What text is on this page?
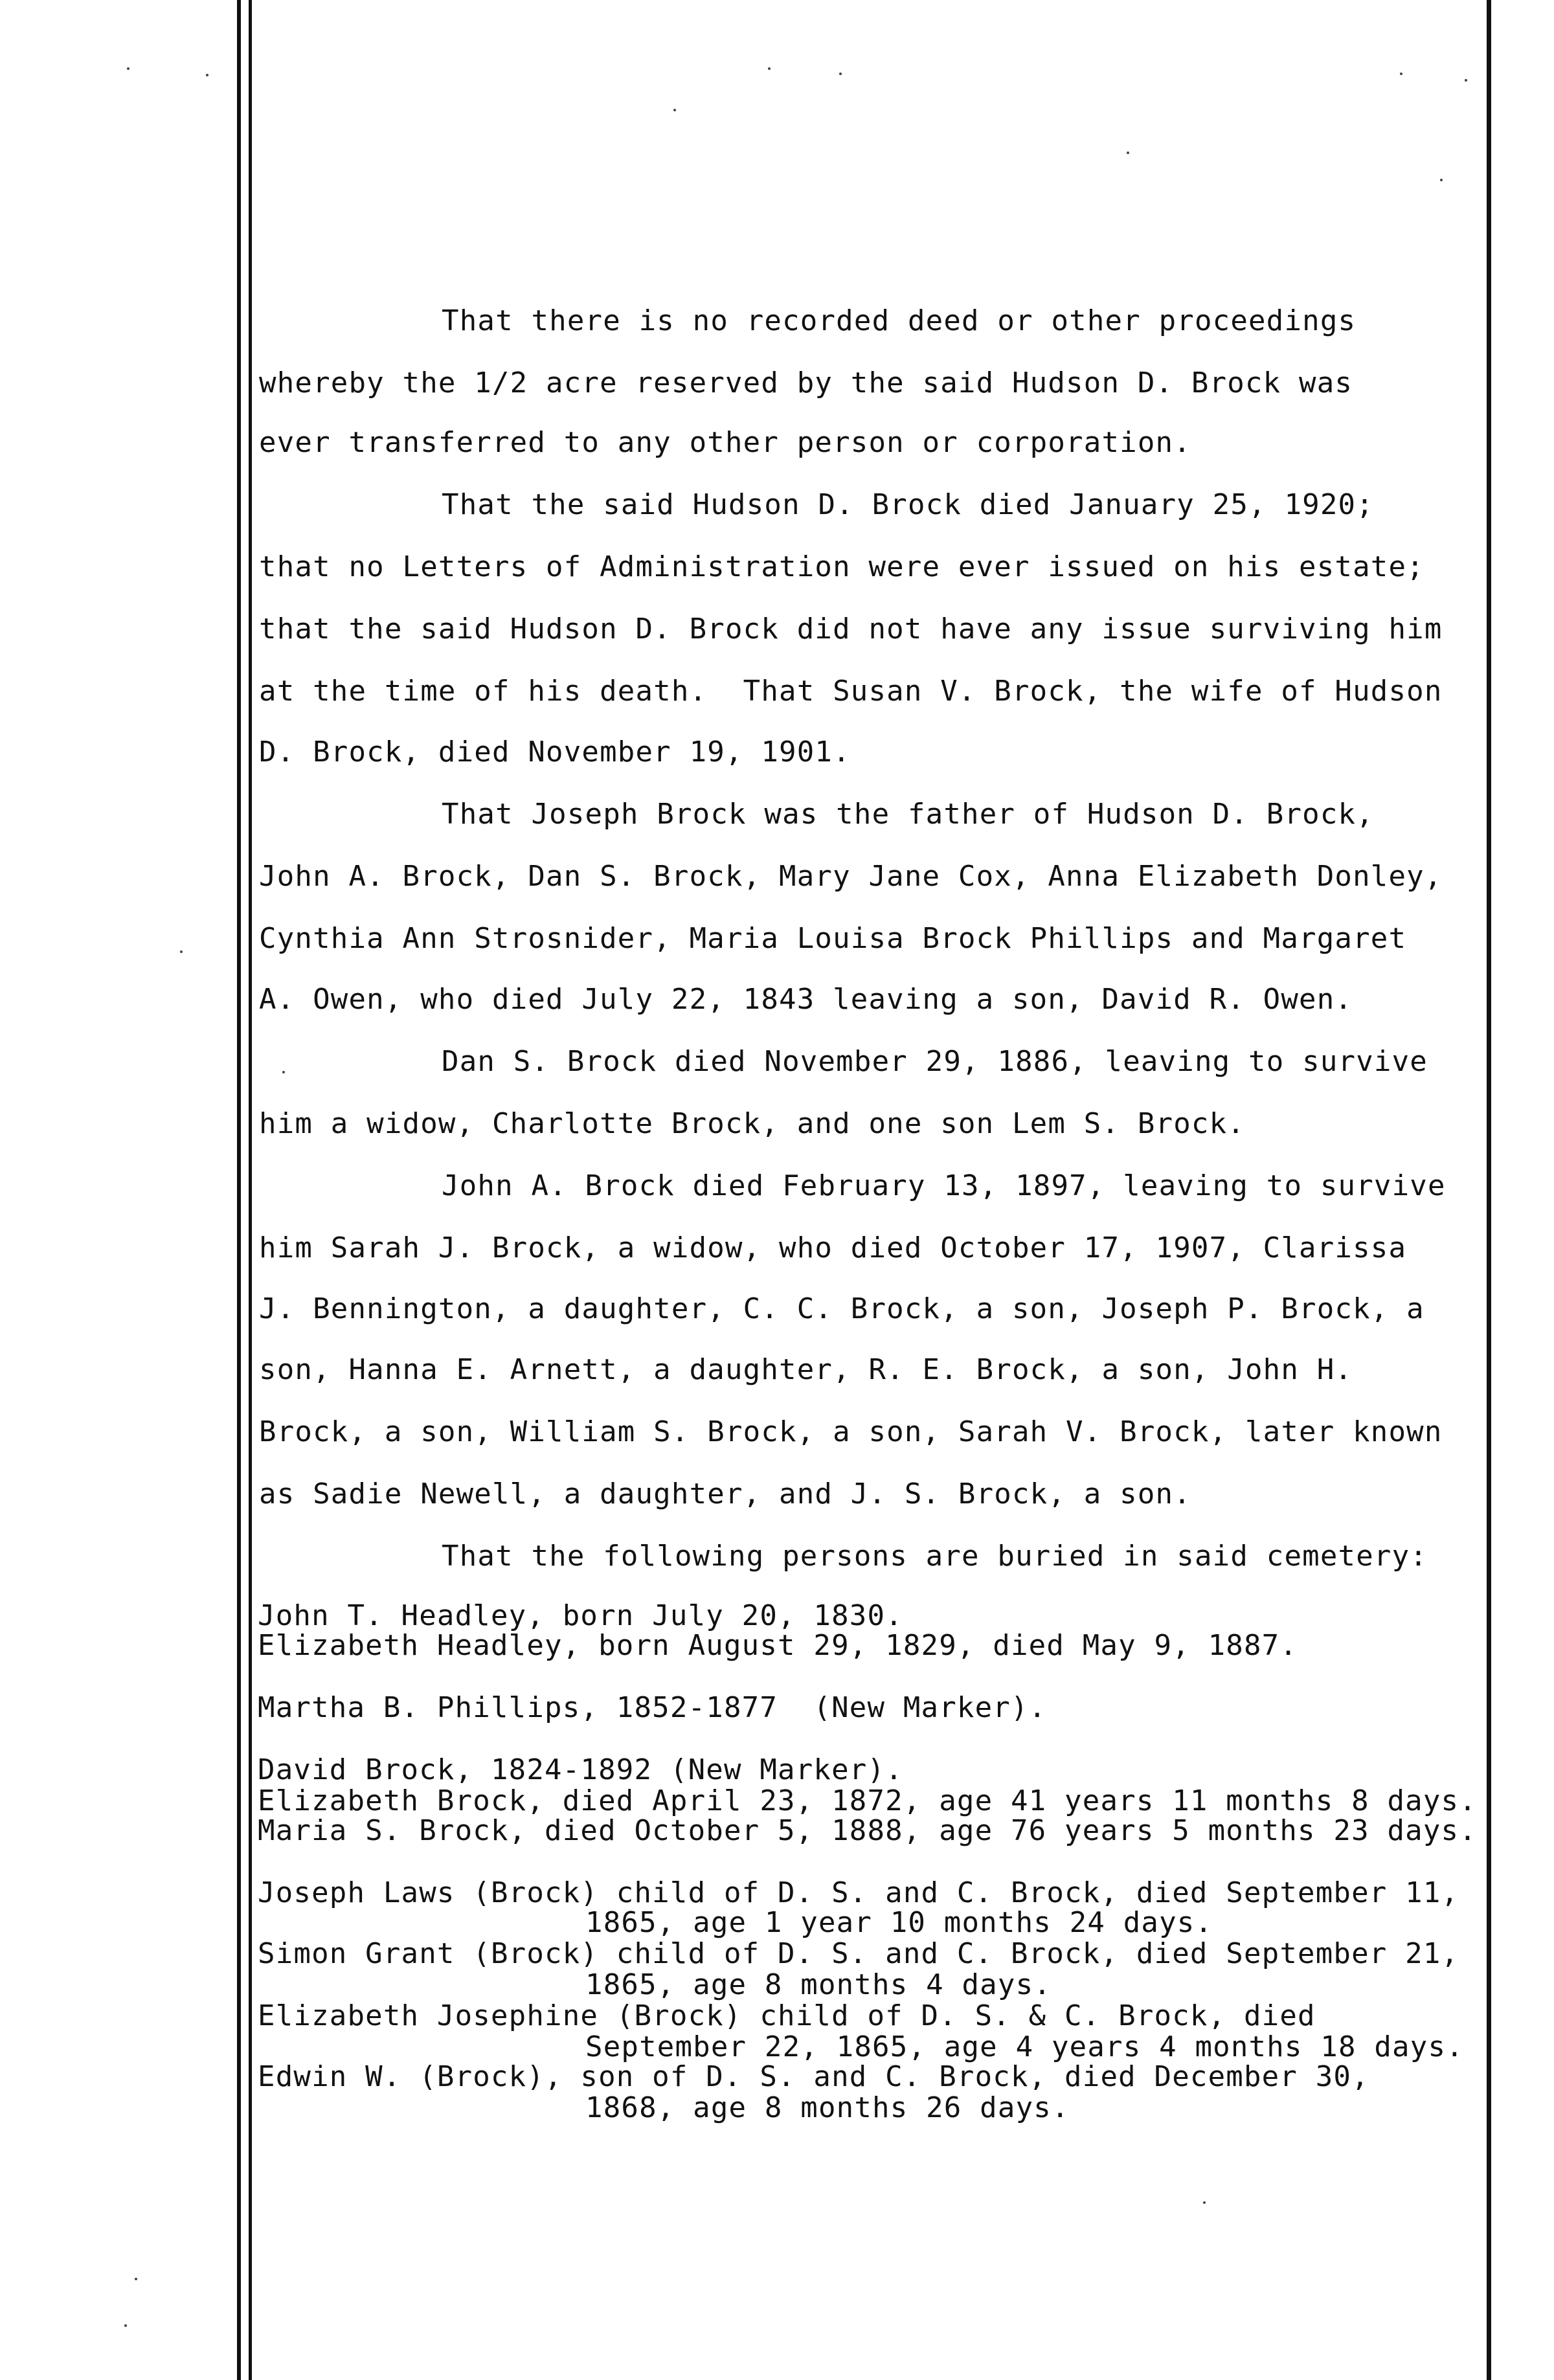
That there is no recorded deed or other proceedings
whereby the 1/2 acre reserved by the said Hudson D. Brock was
ever transferred to any other person or corporation.
That the said Hudson D. Brock died January 25, 1920;
that no Letters of Administration were ever issued on his estate;
that the said Hudson D. Brock did not have any issue surviving him
at the time of his death.  That Susan V. Brock, the wife of Hudson
D. Brock, died November 19, 1901.
That Joseph Brock was the father of Hudson D. Brock,
John A. Brock, Dan S. Brock, Mary Jane Cox, Anna Elizabeth Donley,
Cynthia Ann Strosnider, Maria Louisa Brock Phillips and Margaret
A. Owen, who died July 22, 1843 leaving a son, David R. Owen.
Dan S. Brock died November 29, 1886, leaving to survive
him a widow, Charlotte Brock, and one son Lem S. Brock.
John A. Brock died February 13, 1897, leaving to survive
him Sarah J. Brock, a widow, who died October 17, 1907, Clarissa
J. Bennington, a daughter, C. C. Brock, a son, Joseph P. Brock, a
son, Hanna E. Arnett, a daughter, R. E. Brock, a son, John H.
Brock, a son, William S. Brock, a son, Sarah V. Brock, later known
as Sadie Newell, a daughter, and J. S. Brock, a son.
That the following persons are buried in said cemetery:
John T. Headley, born July 20, 1830.
Elizabeth Headley, born August 29, 1829, died May 9, 1887.
Martha B. Phillips, 1852-1877  (New Marker).
David Brock, 1824-1892 (New Marker).
Elizabeth Brock, died April 23, 1872, age 41 years 11 months 8 days.
Maria S. Brock, died October 5, 1888, age 76 years 5 months 23 days.
Joseph Laws (Brock) child of D. S. and C. Brock, died September 11,
1865, age 1 year 10 months 24 days.
Simon Grant (Brock) child of D. S. and C. Brock, died September 21,
1865, age 8 months 4 days.
Elizabeth Josephine (Brock) child of D. S. & C. Brock, died
September 22, 1865, age 4 years 4 months 18 days.
Edwin W. (Brock), son of D. S. and C. Brock, died December 30,
1868, age 8 months 26 days.
